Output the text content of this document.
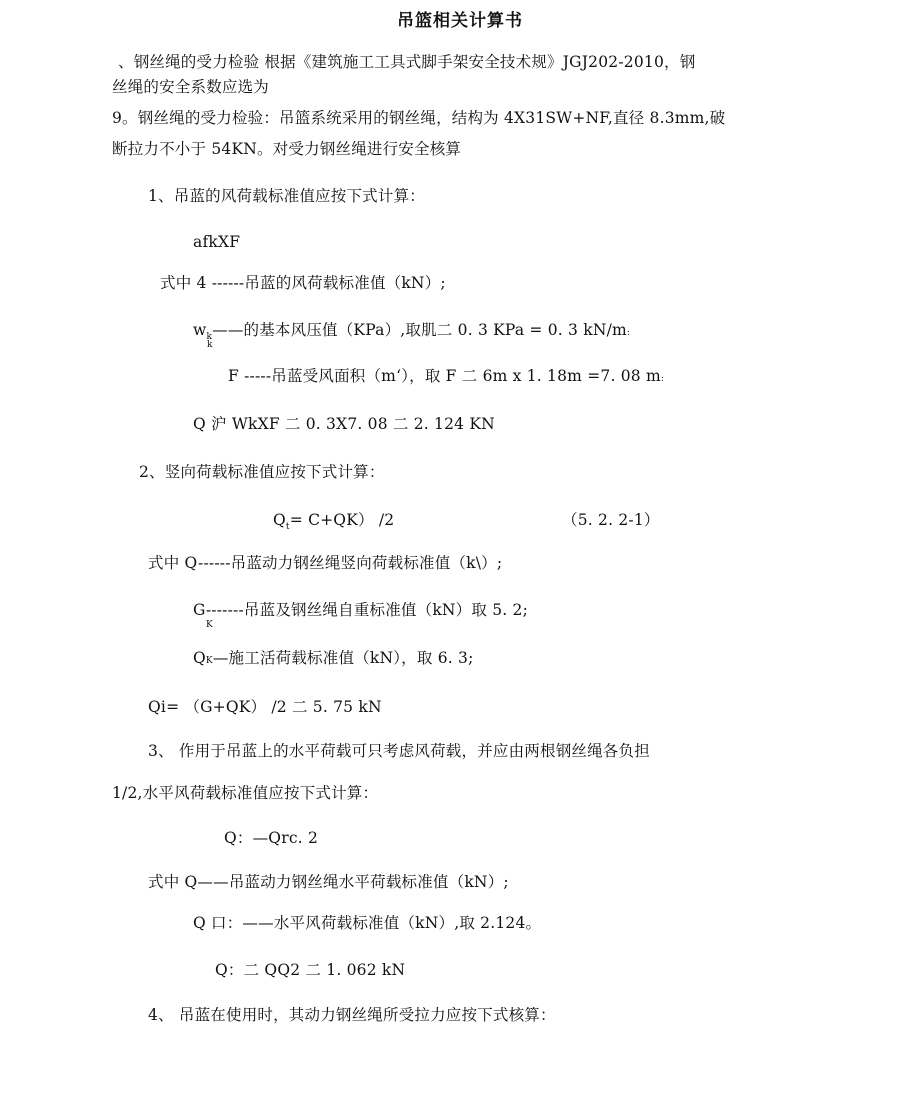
吊篮相关计算书
、钢丝绳的受力检验 根据《建筑施工工具式脚手架安全技术规》JGJ202-2010，钢
丝绳的安全系数应选为
9。钢丝绳的受力检验：吊篮系统采用的钢丝绳，结构为 4X31SW+NF,直径 8.3mm,破
断拉力不小于 54KN。对受力钢丝绳进行安全核算
1、吊蓝的风荷载标准值应按下式计算：
afkXF
式中 4 ------吊蓝的风荷载标准值（kN）;
$w_k——$的基本风压值（KPa）,取肌二 0. 3 KPa = 0. 3 kN/m:
k
F -----吊蓝受风面积（m‘），取 F 二 6m x 1. 18m =7. 08 m:
Q 沪 WkXF 二 0. 3X7. 08 二 2. 124 KN
2、竖向荷载标准值应按下式计算：
$Q_t= C+QK$） /2	（5. 2. 2-1）
式中 Q------吊蓝动力钢丝绳竖向荷载标准值（k\）;
G-------吊蓝及钢丝绳自重标准值（kN）取 5. 2;
K
QK—施工活荷载标准值（kN），取 6. 3;
Qi= （G+QK） /2 二 5. 75 kN
3、 作用于吊蓝上的水平荷载可只考虑风荷载，并应由两根钢丝绳各负担
1/2,水平风荷载标准值应按下式计算：
Q：—Qrc. 2
式中 Q——吊蓝动力钢丝绳水平荷载标准值（kN）;
Q 口：——水平风荷载标准值（kN）,取 2.124。
Q：二 QQ2 二 1. 062 kN
4、 吊蓝在使用时，其动力钢丝绳所受拉力应按下式核算：
